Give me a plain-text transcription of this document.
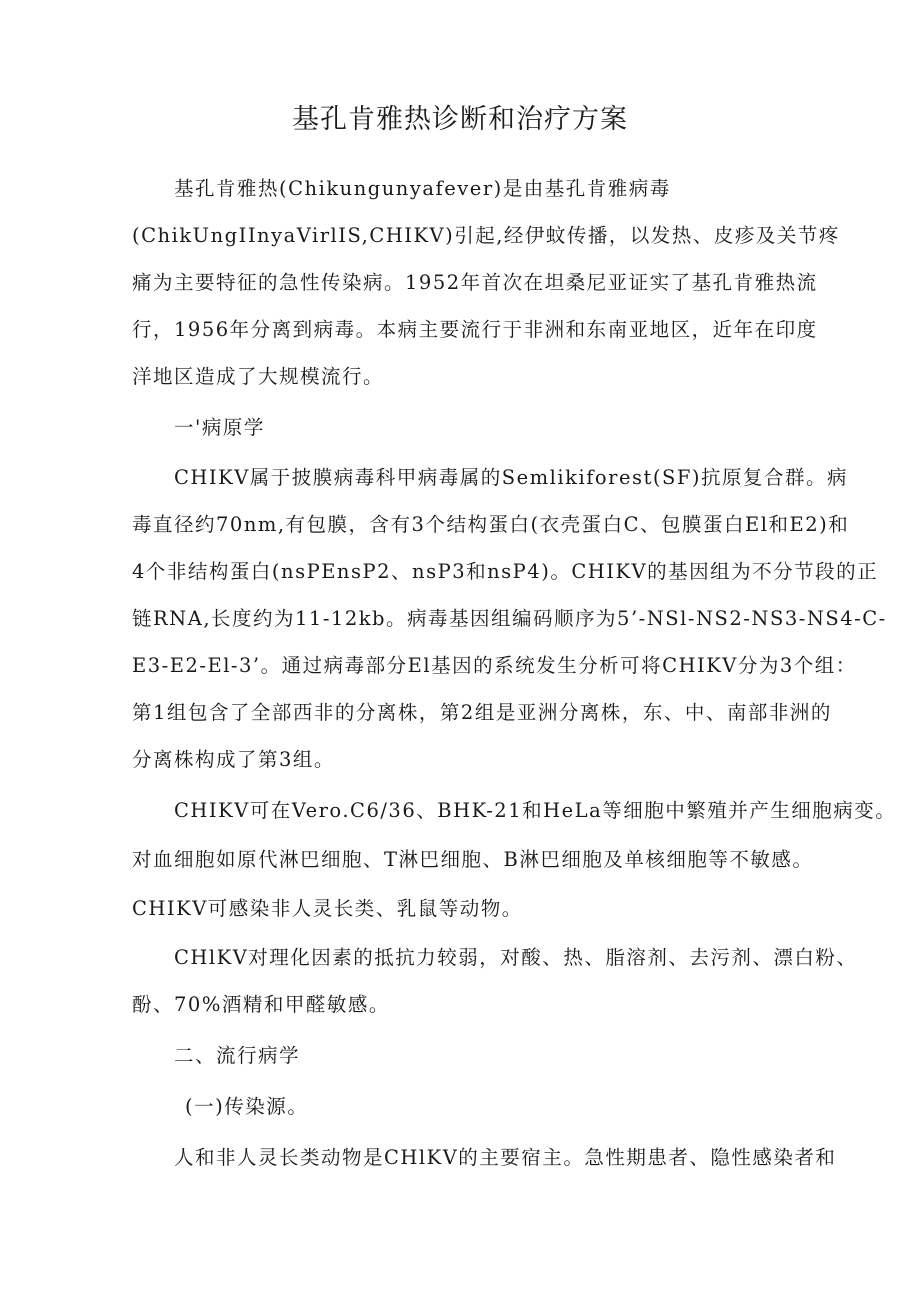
基孔肯雅热诊断和治疗方案
基孔肯雅热(Chikungunyafever)是由基孔肯雅病毒
(ChikUngIInyaVirlIS,CHIKV)引起,经伊蚊传播，以发热、皮疹及关节疼
痛为主要特征的急性传染病。1952年首次在坦桑尼亚证实了基孔肯雅热流
行，1956年分离到病毒。本病主要流行于非洲和东南亚地区，近年在印度
洋地区造成了大规模流行。
一'病原学
CHIKV属于披膜病毒科甲病毒属的Semlikiforest(SF)抗原复合群。病
毒直径约70nm,有包膜，含有3个结构蛋白(衣壳蛋白C、包膜蛋白El和E2)和
4个非结构蛋白(nsPEnsP2、nsP3和nsP4)。CHIKV的基因组为不分节段的正
链RNA,长度约为11-12kb。病毒基因组编码顺序为5’-NSl-NS2-NS3-NS4-C-
E3-E2-El-3’。通过病毒部分El基因的系统发生分析可将CHIKV分为3个组：
第1组包含了全部西非的分离株，第2组是亚洲分离株，东、中、南部非洲的
分离株构成了第3组。
CHIKV可在Vero.C6/36、BHK-21和HeLa等细胞中繁殖并产生细胞病变。
对血细胞如原代淋巴细胞、T淋巴细胞、B淋巴细胞及单核细胞等不敏感。
CHIKV可感染非人灵长类、乳鼠等动物。
CHlKV对理化因素的抵抗力较弱，对酸、热、脂溶剂、去污剂、漂白粉、
酚、70%酒精和甲醛敏感。
二、流行病学
(一)传染源。
人和非人灵长类动物是CHlKV的主要宿主。急性期患者、隐性感染者和
